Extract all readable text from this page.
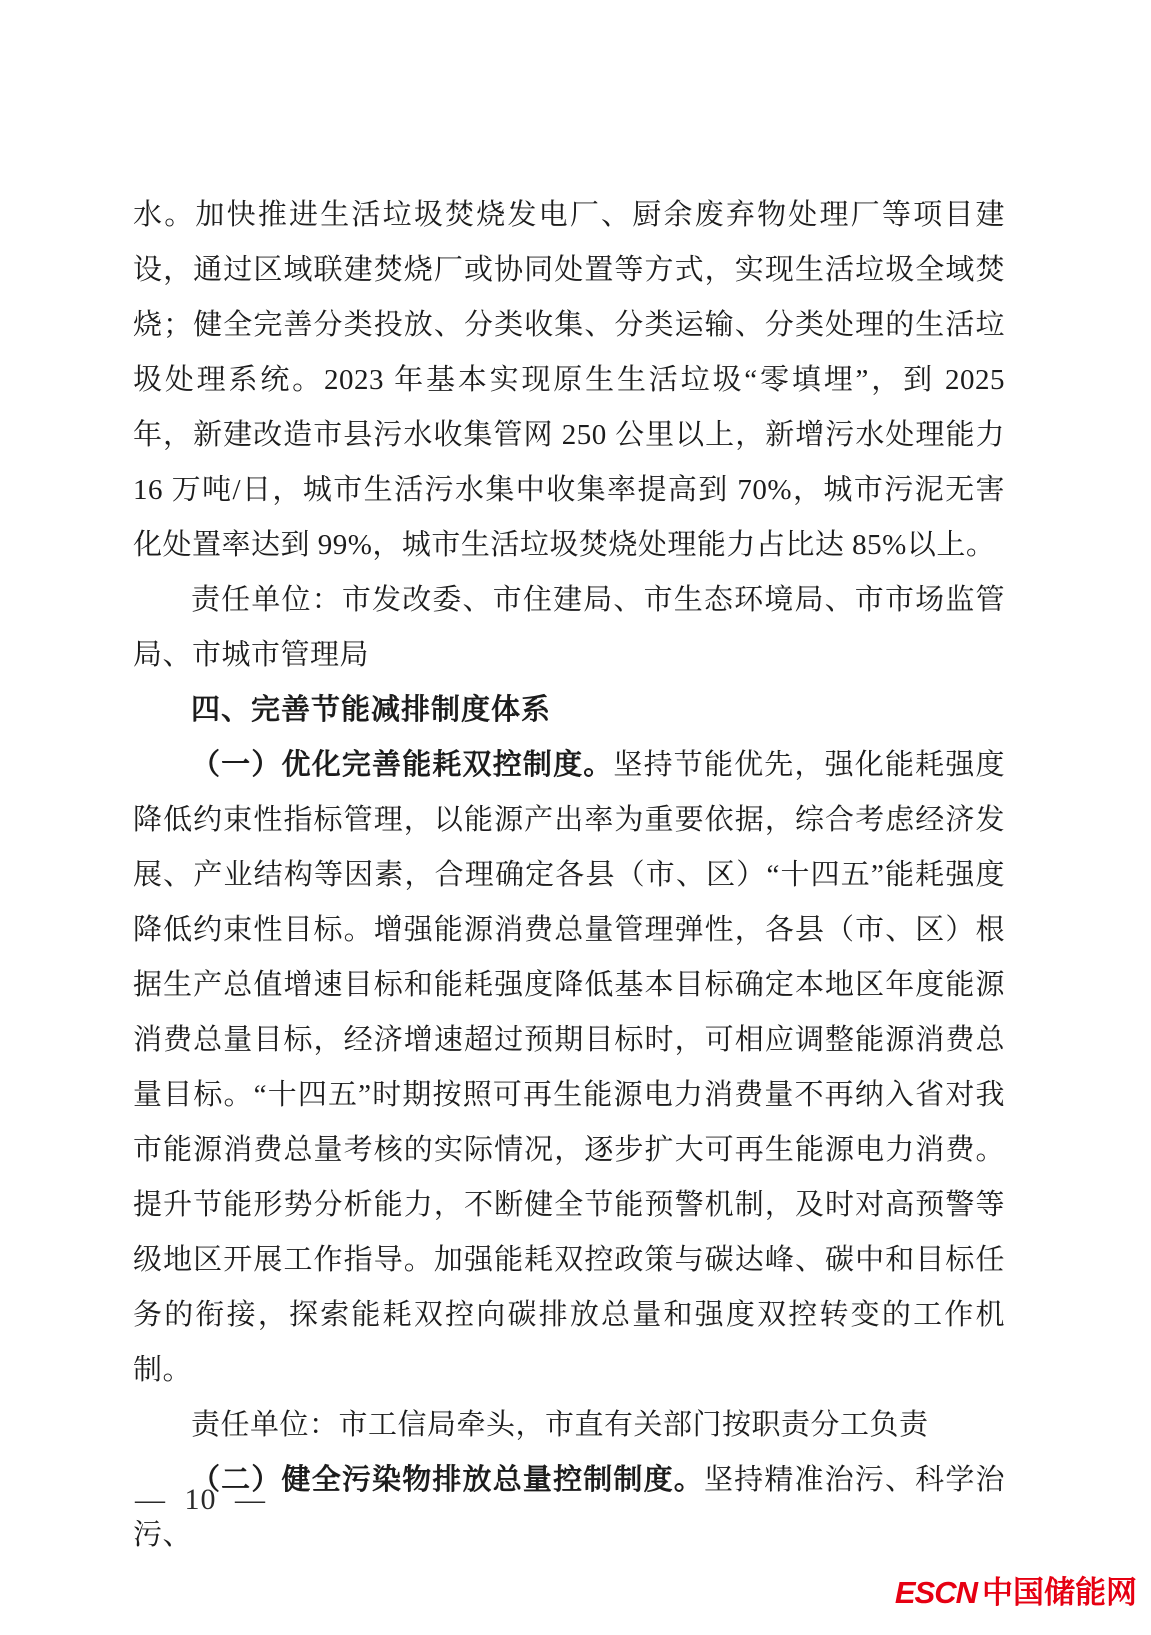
水。加快推进生活垃圾焚烧发电厂、厨余废弃物处理厂等项目建设，通过区域联建焚烧厂或协同处置等方式，实现生活垃圾全域焚烧；健全完善分类投放、分类收集、分类运输、分类处理的生活垃圾处理系统。2023 年基本实现原生生活垃圾“零填埋”，到 2025 年，新建改造市县污水收集管网 250 公里以上，新增污水处理能力 16 万吨/日，城市生活污水集中收集率提高到 70%，城市污泥无害化处置率达到 99%，城市生活垃圾焚烧处理能力占比达 85%以上。

责任单位：市发改委、市住建局、市生态环境局、市市场监管局、市城市管理局

四、完善节能减排制度体系

（一）优化完善能耗双控制度。坚持节能优先，强化能耗强度降低约束性指标管理，以能源产出率为重要依据，综合考虑经济发展、产业结构等因素，合理确定各县（市、区）“十四五”能耗强度降低约束性目标。增强能源消费总量管理弹性，各县（市、区）根据生产总值增速目标和能耗强度降低基本目标确定本地区年度能源消费总量目标，经济增速超过预期目标时，可相应调整能源消费总量目标。“十四五”时期按照可再生能源电力消费量不再纳入省对我市能源消费总量考核的实际情况，逐步扩大可再生能源电力消费。提升节能形势分析能力，不断健全节能预警机制，及时对高预警等级地区开展工作指导。加强能耗双控政策与碳达峰、碳中和目标任务的衔接，探索能耗双控向碳排放总量和强度双控转变的工作机制。

责任单位：市工信局牵头，市直有关部门按职责分工负责

（二）健全污染物排放总量控制制度。坚持精准治污、科学治污、

— 10 —
ESCN 中国储能网
